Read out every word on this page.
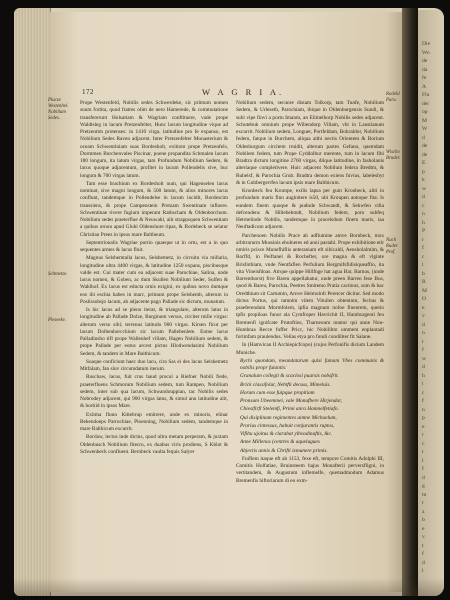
Die
Wo
de
da
fe
A
Flu
der
op
M
W
d
de
de
E
p
k
w
d
c
n
h
P
r
f
c
l
b
R
M
O
e
v
d
n
t
f
w
d
h
l
c
f
n
p
e
r
c
t
l
f
d
g
m
r
a
b
e
v
t
f
d
l
172	W A G R I A.
Plucze Westenhel. Nobilium Sedes.
Seltmetze.
Pleseeke.
Rodeld Paru.
Wischo Bruder.
Nuch Ruder Prof.

Prope Westenfeld, Nobilis sedes Schwerdeke, sic primum nomen suum fortita, quod fratres olim de nero Hamerede, & commutatione transfererunt Holsatiam & Wagriam conftituere, vade prope Waldtsleg in lacum Pretzenfelter, Hunc lacum longitudine vique ad Pretzentim protenses: in 1410 virga, latitudine pro fe expanso, est Nobilium Sedes Raven adjacent. Inter Pretzenfelter Monasterium & oceam Schwentiniam suas Bordesholt, exitiom prope Pretzenfels, Dormmen Burchenvales Piscinar, poene propandita Schmalen lacum 180 longum, ita latum virgas, tam Profundum Nobilium Sedem, & lacus quoque adjacentum, profitet in lacum Pollendelis sive, huc longum & 700 virgas latum.

Tam esse brachium ex Bordesholt num, qui Hagenselen lacus nominat, sive magni longum, & 500 latum, & alios minores lacus conflunt, tandemque in Pollendelse in lacum incidit, Bordescim transsiens, & prope Campenstein Pretzam Swentinam influere. Schwentinae rivere fugiunt imperant Rathscham & Oldenborchum. Nobilium sedes praeterflue & Neuwahl, alit strappsquen Schwentiam a quibus ornon apud Gluhi Oldenshure ripas, & Borlebeck se selatur Christian Preez in ipsos mare Baltheum.

Septentrionalis Wagriae portio quaeque ut in ortu, est a in quo sequentes armes & lacus fluit.

Magnus Selshemtalla lacus, Selshemetz, in circuitu via millaria, longitudine ultra 4400 virgas, & latitudine 1250 expans, piscibusque valde est. Cui mater cum ea adjacent suae Parochiae, Salina, unde lacus nomen, & Goben, ac dum Skullen Nobilium Seder, Sulfen & Wahlhof. Ex lacus est educta ornis exigini, ex quibus novo dumque eos ibi eschia habes in marc, primum prope Selshemb, alterum in Poslissobsjo lacum, ab adjacente pago Pallade sic dictum, munatum.

Is hic lacus ad se pleno iterat, & triangulare, alterum latus in longitudine ab Pallade Dolze, Burginum versus, circiter mille virgas: alterum verso sibi; terrenus latitudo 900 virgas. Kirsen flcut per lacum Dolbenborcchium sic lacum Pallebenlete. Entne lacus Palladinsho tifl prope Wallenhef villam, Hagen Nobilium sedem, & prope Pallade per eotus arcest pictus Hlodwendasimi Nobilium Sedem, & tandem in Mare Balthicum.

Suaque conficiunt haec duo lacu, cira Sas ei des lacus Selshemetz Mitfalam, fan sluv circumdatum iterum.

Ruschaw, lacus, fuit crus haud procul a Riefner Nobili fiede, praeterfluens Schmorum Nobilium sedem, tum Rampen, Nobilium sedem, inter sub qua lacum, Schwandouppian, tac Nobilis sedes Nobrodey adjacent, qui 900 virgas latus, & simul ann latitudine alit, & bortiid in ipsos Mare.

Exitma flunn Kittebrup emitrere, unde ex minoris, elinar Bekendoeps Parrochiae, Ploenning, Nobilium sedem, tandemque in mare Balthicum excurrit.

Bordaw, lectus inde dictus, quod ultra metam perperam, & juxtam Oldenbusch Nobilium fitecru, ex duabus viris prodiens, S Kblot & Schwenbeck confluent. Bernbeck vaulta fequis Salyer

Nobilium sedem, secunre distam Tolkorp, tam Tunfe, Nobilium Sedem, & Urleseth, Parochiam, ibique in Oldenburgensis Sundi, & subi vipe finvi a portu Imanm, an Elimelhorp Nobilis sedes adjacent. Schutebuk omnium prope Wibendorp Villam, vbi in Lanstianum excurrit. Nobilium sedem, Longuer, Portfeldam, Bohraldor, Nobilium fedem, fatque in Burchem, aliqua aitbi nectis Orientem & Borium Oldesburgum circitem truidit, alterum partes Gefano, quemdam Nobilem fedem, tum Prope Cyddolbur merente, tum in lacum fibi Bradtra dictum longitine 2760 virgas, dilque latitudine, in fasholanis alteriaque completivere. Huic adjacent Nobilum federa Bredtm, & Ruhelsf, & Parochia Grub. Bradtra demon exiens fuvius, labelesbyt & in Gubbergerrfen lacum ipsis mare Balthicum.

Kronbeck feu Krompe, exilis lapsa per gum Kronbeck, aliti in profundum maris finn auginitere is50, ubi Kroupen autoque fita: Is eundem finem quoque & pudnde Schwandt, & Sehwfen villa defcendens & Hillebehmdt, Nobilium fedem, poro subfeq Hetrnelinde Nobilis, tandemque in pracelsdum finem maris, iaa Neuftadicum adjacent.

Parchenoen Nobilis Prace ab adflumine amve Bornbeck, mox arbitrarurm Mussinis ebulneres ed anni pastabi. Prope exhibitione etir nmiris pcisce Munefhiflis anteraniam eft sibicaldi, Aensholalmim, & Rorffd, in Peiftanel & Rochefter, ore magna & eft vlginte Brisfothiam, vnde Nentfaflen Perfulium Bergmifsfidisiqueaffio, ita vita Vineisfdoas. Atrque quippe Hillfnge hat agua Bar, Barnus, (unde Barrenthorst) five Bareu appellabatur, unde preen Barren fese Bus, quod & Bareu, Parochia, Peetres Smitemo Pratia cactinus, sum & bac Oredthium sit Cartumin, Arnve Helmolrdi Peretcer dicitur. Sed modo dictus Portus, qui tamnim vilem Vituilen obtentum, fecitas & praeferendum Mormfolem, ipfia magnum nofoe fluenrem, quetio tpfis propiloas funor ala Cymfroper Havrichit II, Hamburgenti feu Bremenfi ignifcate Prutoftins, Tharneoum nuntur qui anne Non-Humbraa Recce fuffer Pricc, hic Nobilibm ommem enplantadi forimfam praulendus. Veilas etya pro fundi condiliter fit Salane.

In (Hamvican II Archiepicfcopo) (cujus Perfonifis dicium Landem Muniche.

Bychi quondam, meandatarum qulsi famam Vbes communis & nobilis propr fulantis:

Granalum collegit & scaclosi puarsis nobsfrit.

Brick classifolur, Nebtfti decuss, Mimeluis.

Horum cum esse fuipque propitiam

Pronsum Ubeemmei, vale Monufbere Hirjendar,

Chiestfirfl Stelemfi, Primi anra Hamnelfetiafo.

Qui disiplinam regimentes aimne Michaelum,

Prarius cintessus, habuit conjurantis ruptos,

Vifibu ujoitus & clarabat ylhvadinaftis, &c.

Anne Millenos (centres & aquelugues

Abjectis annis & Chrifti ixmunere primis.

Fuiflem itaque eft ab 1153, fexe eft, tempore Comitis Adolphi III, Comitis Holfatiae, Bruinsteem hajus Monafterii perversfligni, in vertitandem, & Augustum inflemelfe, quemadmodum Adamus Bremenfis hiftoriarum di eo exm-
